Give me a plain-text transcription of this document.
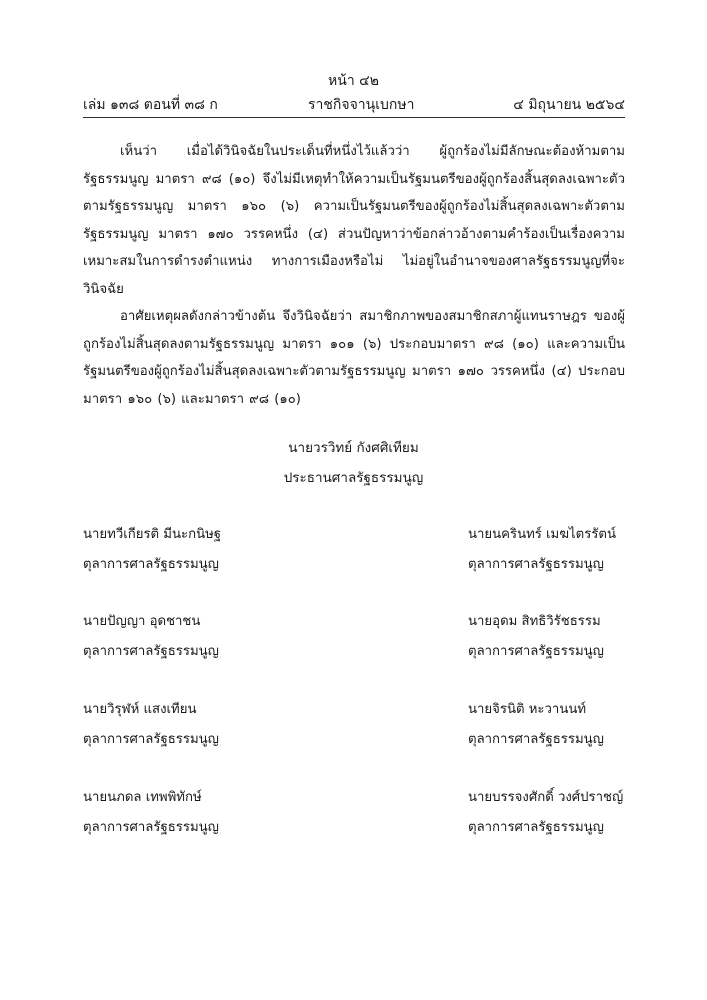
หน้า ๔๒
เล่ม ๑๓๘ ตอนที่ ๓๘ ก	ราชกิจจานุเบกษา	๔ มิถุนายน ๒๕๖๔

เห็นว่า เมื่อได้วินิจฉัยในประเด็นที่หนึ่งไว้แล้วว่า ผู้ถูกร้องไม่มีลักษณะต้องห้ามตามรัฐธรรมนูญ มาตรา ๙๘ (๑๐) จึงไม่มีเหตุทำให้ความเป็นรัฐมนตรีของผู้ถูกร้องสิ้นสุดลงเฉพาะตัวตามรัฐธรรมนูญ มาตรา ๑๖๐ (๖) ความเป็นรัฐมนตรีของผู้ถูกร้องไม่สิ้นสุดลงเฉพาะตัวตามรัฐธรรมนูญ มาตรา ๑๗๐ วรรคหนึ่ง (๔) ส่วนปัญหาว่าข้อกล่าวอ้างตามคำร้องเป็นเรื่องความเหมาะสมในการดำรงตำแหน่ง ทางการเมืองหรือไม่ ไม่อยู่ในอำนาจของศาลรัฐธรรมนูญที่จะวินิจฉัย

อาศัยเหตุผลดังกล่าวข้างต้น จึงวินิจฉัยว่า สมาชิกภาพของสมาชิกสภาผู้แทนราษฎร ของผู้ถูกร้องไม่สิ้นสุดลงตามรัฐธรรมนูญ มาตรา ๑๐๑ (๖) ประกอบมาตรา ๙๘ (๑๐) และความเป็นรัฐมนตรีของผู้ถูกร้องไม่สิ้นสุดลงเฉพาะตัวตามรัฐธรรมนูญ มาตรา ๑๗๐ วรรคหนึ่ง (๔) ประกอบมาตรา ๑๖๐ (๖) และมาตรา ๙๘ (๑๐)

นายวรวิทย์ กังศศิเทียม
ประธานศาลรัฐธรรมนูญ
นายทวีเกียรติ มีนะกนิษฐ
ตุลาการศาลรัฐธรรมนูญ
นายนครินทร์ เมฆไตรรัตน์
ตุลาการศาลรัฐธรรมนูญ
นายปัญญา อุดชาชน
ตุลาการศาลรัฐธรรมนูญ
นายอุดม สิทธิวิรัชธรรม
ตุลาการศาลรัฐธรรมนูญ
นายวิรุฬห์ แสงเทียน
ตุลาการศาลรัฐธรรมนูญ
นายจิรนิติ หะวานนท์
ตุลาการศาลรัฐธรรมนูญ
นายนภดล เทพพิทักษ์
ตุลาการศาลรัฐธรรมนูญ
นายบรรจงศักดิ์ วงศ์ปราชญ์
ตุลาการศาลรัฐธรรมนูญ
